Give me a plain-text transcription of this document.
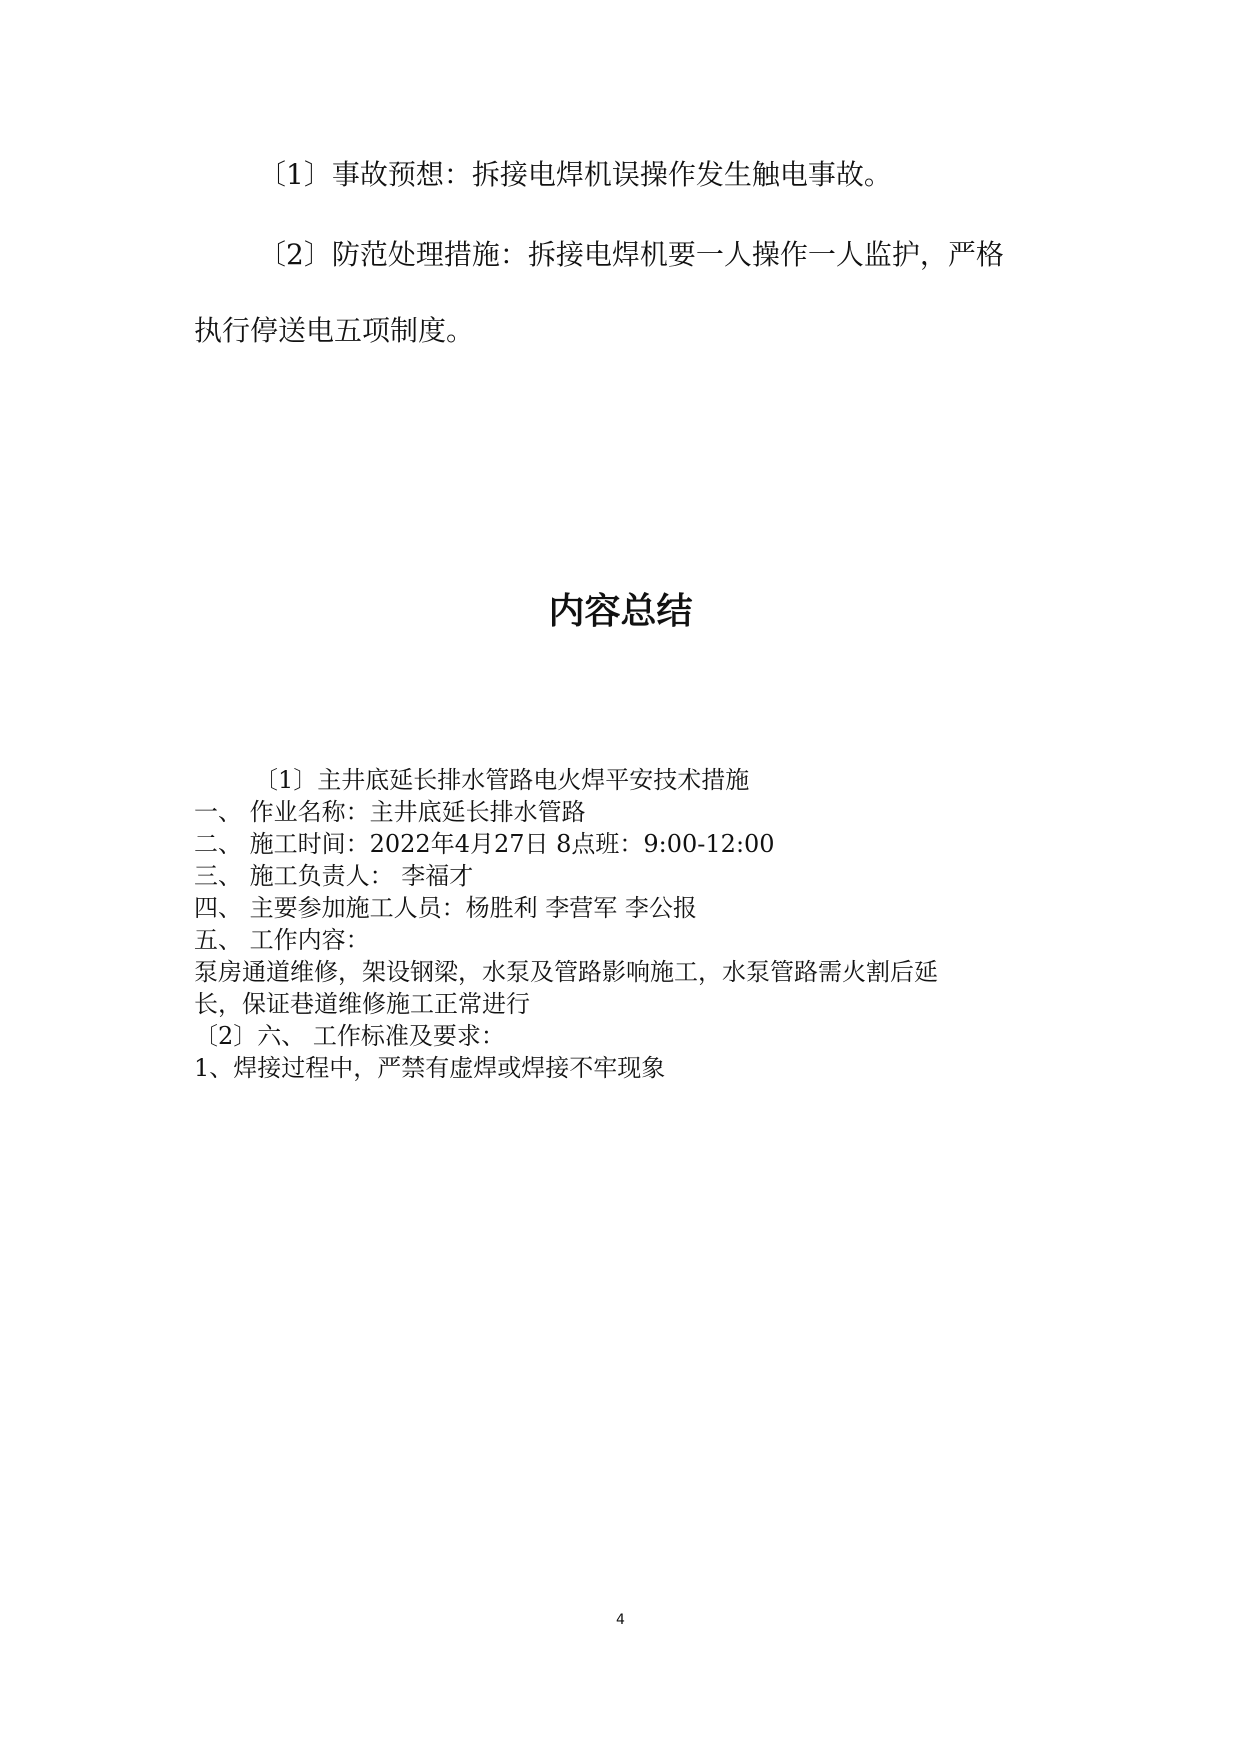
〔1〕事故预想：拆接电焊机误操作发生触电事故。

〔2〕防范处理措施：拆接电焊机要一人操作一人监护，严格

执行停送电五项制度。

内容总结

〔1〕主井底延长排水管路电火焊平安技术措施

一、 作业名称：主井底延长排水管路

二、 施工时间：2022年4月27日 8点班：9:00-12:00

三、 施工负责人： 李福才

四、 主要参加施工人员：杨胜利 李营军 李公报

五、 工作内容：

泵房通道维修，架设钢梁，水泵及管路影响施工，水泵管路需火割后延

长，保证巷道维修施工正常进行

〔2〕六、 工作标准及要求：

1、焊接过程中，严禁有虚焊或焊接不牢现象

4
